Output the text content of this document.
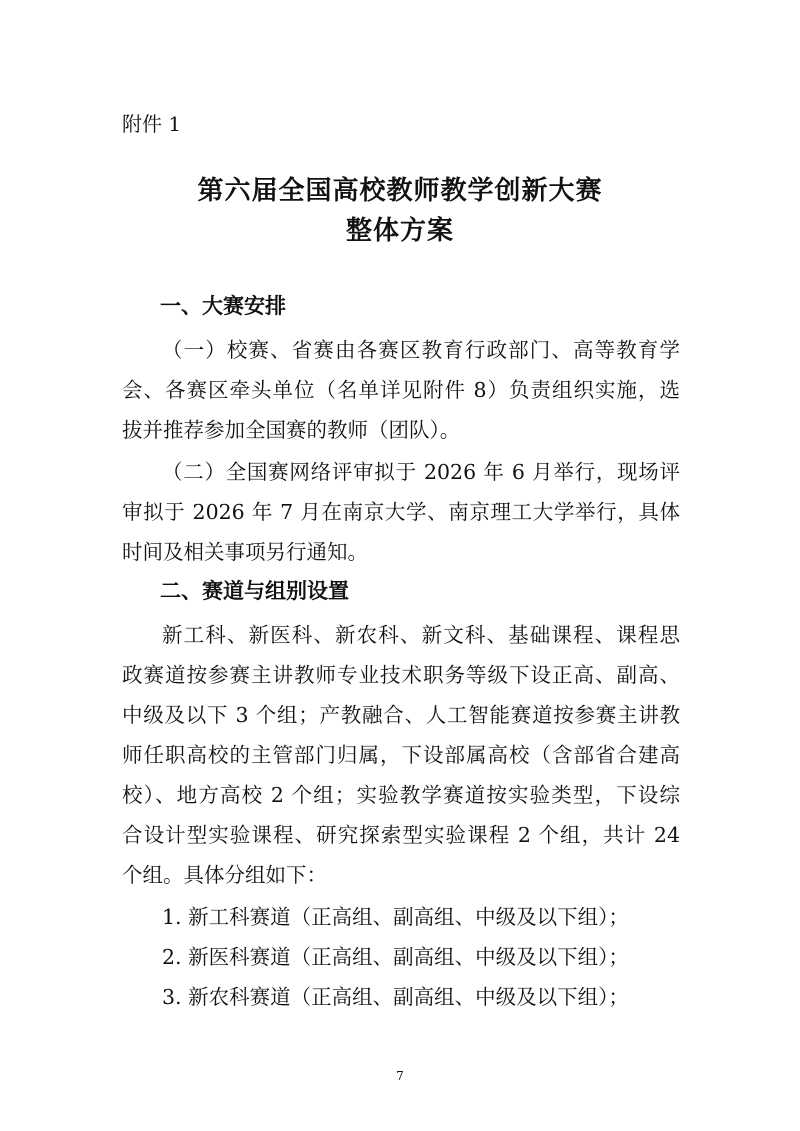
附件 1
第六届全国高校教师教学创新大赛
整体方案
一、大赛安排
（一）校赛、省赛由各赛区教育行政部门、高等教育学
会、各赛区牵头单位（名单详见附件 8）负责组织实施，选
拔并推荐参加全国赛的教师（团队）。
（二）全国赛网络评审拟于 2026 年 6 月举行，现场评
审拟于 2026 年 7 月在南京大学、南京理工大学举行，具体
时间及相关事项另行通知。
二、赛道与组别设置
新工科、新医科、新农科、新文科、基础课程、课程思
政赛道按参赛主讲教师专业技术职务等级下设正高、副高、
中级及以下 3 个组；产教融合、人工智能赛道按参赛主讲教
师任职高校的主管部门归属，下设部属高校（含部省合建高
校）、地方高校 2 个组；实验教学赛道按实验类型，下设综
合设计型实验课程、研究探索型实验课程 2 个组，共计 24
个组。具体分组如下：
1. 新工科赛道（正高组、副高组、中级及以下组）；
2. 新医科赛道（正高组、副高组、中级及以下组）；
3. 新农科赛道（正高组、副高组、中级及以下组）；
7
